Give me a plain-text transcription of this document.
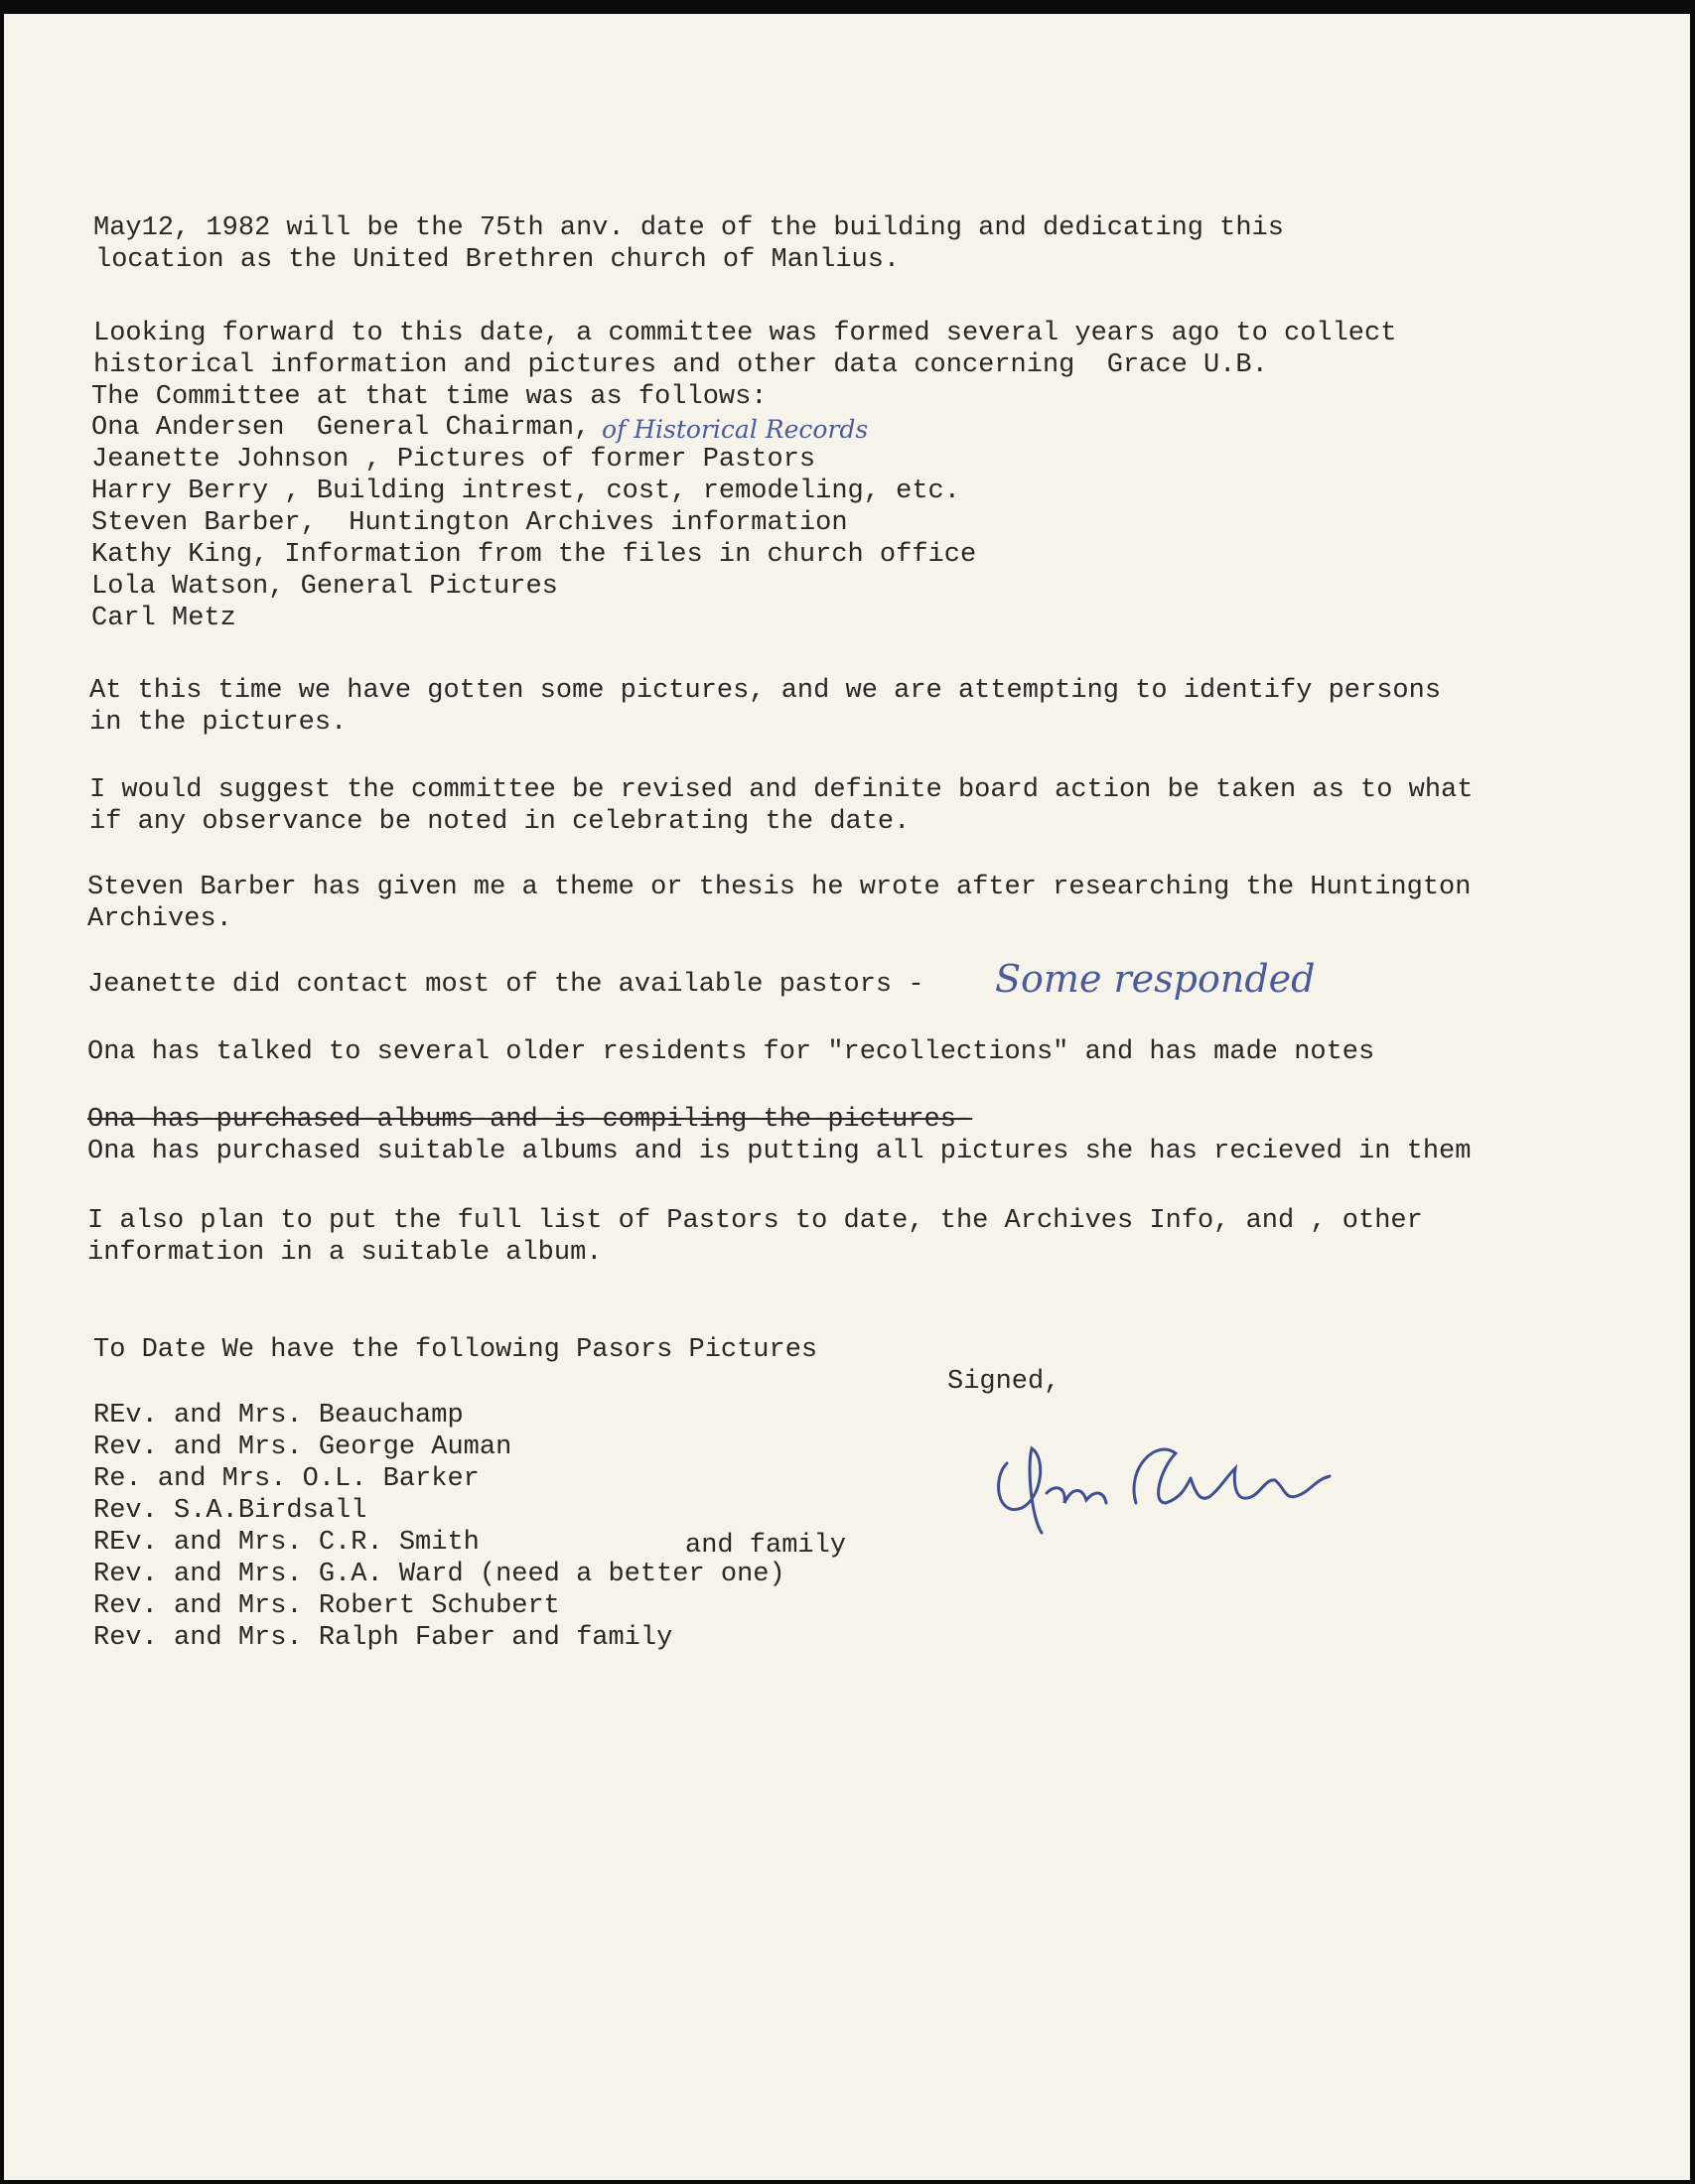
May12, 1982 will be the 75th anv. date of the building and dedicating this
location as the United Brethren church of Manlius.
Looking forward to this date, a committee was formed several years ago to collect
historical information and pictures and other data concerning  Grace U.B.
The Committee at that time was as follows:
Ona Andersen  General Chairman, of Historical Records
Jeanette Johnson , Pictures of former Pastors
Harry Berry , Building intrest, cost, remodeling, etc.
Steven Barber,  Huntington Archives information
Kathy King, Information from the files in church office
Lola Watson, General Pictures
Carl Metz
At this time we have gotten some pictures, and we are attempting to identify persons
in the pictures.
I would suggest the committee be revised and definite board action be taken as to what
if any observance be noted in celebrating the date.
Steven Barber has given me a theme or thesis he wrote after researching the Huntington
Archives.
Jeanette did contact most of the available pastors - Some responded
Ona has talked to several older residents for "recollections" and has made notes
Ona-has-purchased-albums-and-is-compiling-the-pictures-
Ona has purchased suitable albums and is putting all pictures she has recieved in them
I also plan to put the full list of Pastors to date, the Archives Info, and , other
information in a suitable album.
To Date We have the following Pasors Pictures
REv. and Mrs. Beauchamp
Rev. and Mrs. George Auman
Re. and Mrs. O.L. Barker
Rev. S.A.Birdsall
REv. and Mrs. C.R. Smith	and family
Rev. and Mrs. G.A. Ward (need a better one)
Rev. and Mrs. Robert Schubert
Rev. and Mrs. Ralph Faber and family
Signed,
